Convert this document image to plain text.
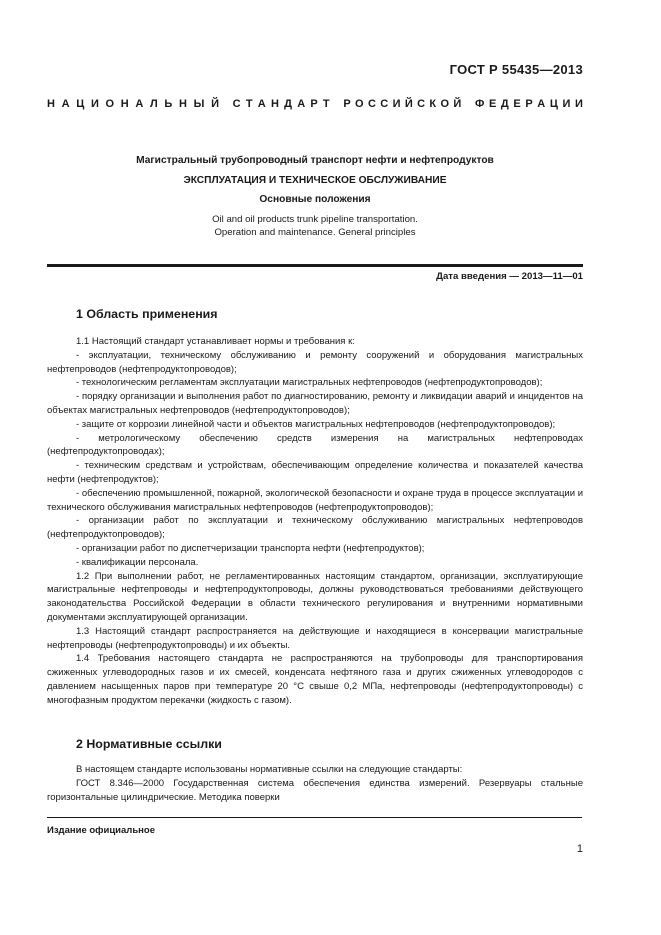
ГОСТ Р 55435—2013
Н А Ц И О Н А Л Ь Н Ы Й С Т А Н Д А Р Т Р О С С И Й С К О Й Ф Е Д Е Р А Ц И И
Магистральный трубопроводный транспорт нефти и нефтепродуктов
ЭКСПЛУАТАЦИЯ И ТЕХНИЧЕСКОЕ ОБСЛУЖИВАНИЕ
Основные положения
Oil and oil products trunk pipeline transportation.
Operation and maintenance. General principles
Дата введения — 2013—11—01
1 Область применения

1.1 Настоящий стандарт устанавливает нормы и требования к:

- эксплуатации, техническому обслуживанию и ремонту сооружений и оборудования магистральных нефтепроводов (нефтепродуктопроводов);

- технологическим регламентам эксплуатации магистральных нефтепроводов (нефтепродуктопроводов);

- порядку организации и выполнения работ по диагностированию, ремонту и ликвидации аварий и инцидентов на объектах магистральных нефтепроводов (нефтепродуктопроводов);

- защите от коррозии линейной части и объектов магистральных нефтепроводов (нефтепродуктопроводов);

- метрологическому обеспечению средств измерения на магистральных нефтепроводах (нефтепродуктопроводах);

- техническим средствам и устройствам, обеспечивающим определение количества и показателей качества нефти (нефтепродуктов);

- обеспечению промышленной, пожарной, экологической безопасности и охране труда в процессе эксплуатации и технического обслуживания магистральных нефтепроводов (нефтепродуктопроводов);

- организации работ по эксплуатации и техническому обслуживанию магистральных нефтепроводов (нефтепродуктопроводов);

- организации работ по диспетчеризации транспорта нефти (нефтепродуктов);

- квалификации персонала.

1.2 При выполнении работ, не регламентированных настоящим стандартом, организации, эксплуатирующие магистральные нефтепроводы и нефтепродуктопроводы, должны руководствоваться требованиями действующего законодательства Российской Федерации в области технического регулирования и внутренними нормативными документами эксплуатирующей организации.

1.3 Настоящий стандарт распространяется на действующие и находящиеся в консервации магистральные нефтепроводы (нефтепродуктопроводы) и их объекты.

1.4 Требования настоящего стандарта не распространяются на трубопроводы для транспортирования сжиженных углеводородных газов и их смесей, конденсата нефтяного газа и других сжиженных углеводородов с давлением насыщенных паров при температуре 20 °С свыше 0,2 МПа, нефтепроводы (нефтепродуктопроводы) с многофазным продуктом перекачки (жидкость с газом).

2 Нормативные ссылки

В настоящем стандарте использованы нормативные ссылки на следующие стандарты:

ГОСТ 8.346—2000 Государственная система обеспечения единства измерений. Резервуары стальные горизонтальные цилиндрические. Методика поверки

Издание официальное
1
